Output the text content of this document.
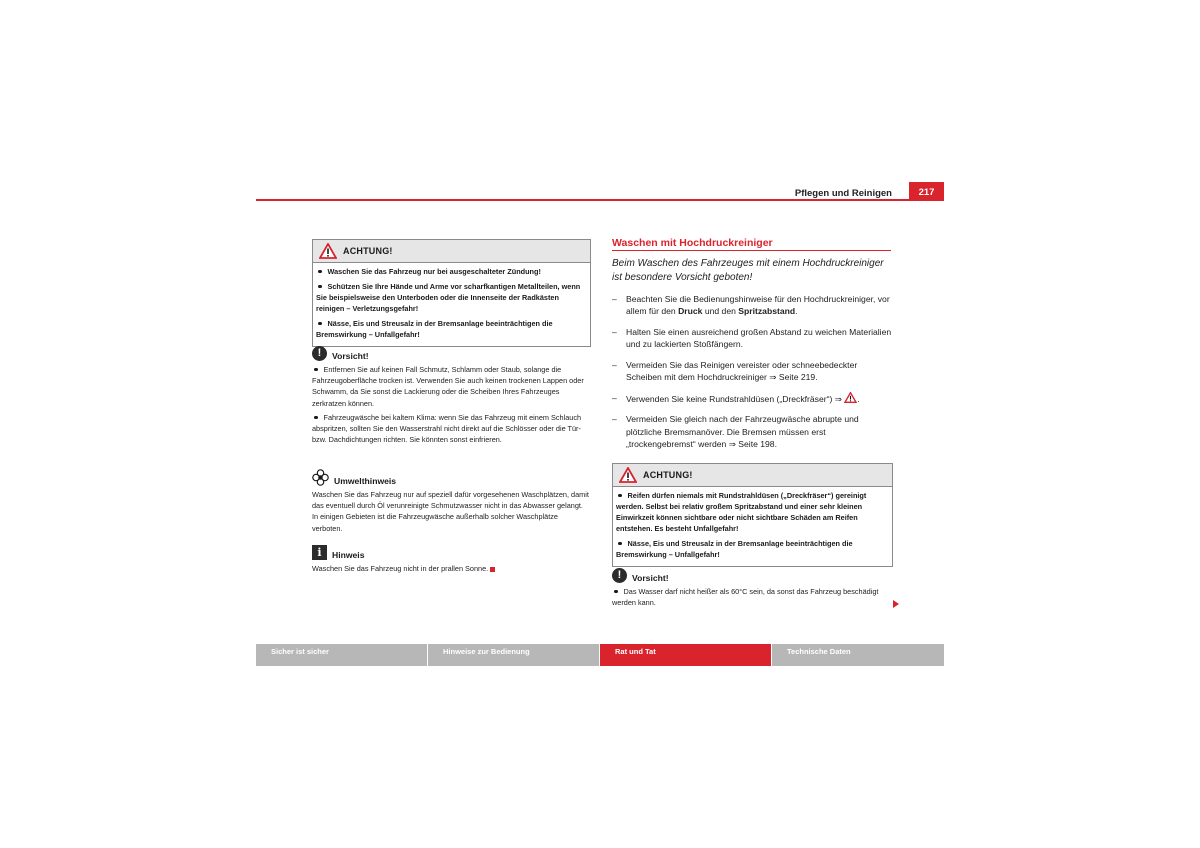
Pflegen und Reinigen	217
ACHTUNG!

Waschen Sie das Fahrzeug nur bei ausgeschalteter Zündung!

Schützen Sie Ihre Hände und Arme vor scharfkantigen Metallteilen, wenn Sie beispielsweise den Unterboden oder die Innenseite der Radkästen reinigen – Verletzungsgefahr!

Nässe, Eis und Streusalz in der Bremsanlage beeinträchtigen die Bremswirkung – Unfallgefahr!

!	Vorsicht!

Entfernen Sie auf keinen Fall Schmutz, Schlamm oder Staub, solange die Fahrzeugoberfläche trocken ist. Verwenden Sie auch keinen trockenen Lappen oder Schwamm, da Sie sonst die Lackierung oder die Scheiben Ihres Fahrzeuges zerkratzen können.

Fahrzeugwäsche bei kaltem Klima: wenn Sie das Fahrzeug mit einem Schlauch abspritzen, sollten Sie den Wasserstrahl nicht direkt auf die Schlösser oder die Tür- bzw. Dachdichtungen richten. Sie könnten sonst einfrieren.

Umwelthinweis
Waschen Sie das Fahrzeug nur auf speziell dafür vorgesehenen Waschplätzen, damit das eventuell durch Öl verunreinigte Schmutzwasser nicht in das Abwasser gelangt. In einigen Gebieten ist die Fahrzeugwäsche außerhalb solcher Waschplätze verboten.
i	Hinweis
Waschen Sie das Fahrzeug nicht in der prallen Sonne.
Waschen mit Hochdruckreiniger
Beim Waschen des Fahrzeuges mit einem Hochdruckreiniger ist besondere Vorsicht geboten!
– Beachten Sie die Bedienungshinweise für den Hochdruckreiniger, vor allem für den Druck und den Spritzabstand.
– Halten Sie einen ausreichend großen Abstand zu weichen Materialien und zu lackierten Stoßfängern.
– Vermeiden Sie das Reinigen vereister oder schneebedeckter Scheiben mit dem Hochdruckreiniger ⇒ Seite 219.
– Verwenden Sie keine Rundstrahldüsen („Dreckfräser“) ⇒ .
– Vermeiden Sie gleich nach der Fahrzeugwäsche abrupte und plötzliche Bremsmanöver. Die Bremsen müssen erst „trockengebremst“ werden ⇒ Seite 198.
ACHTUNG!

Reifen dürfen niemals mit Rundstrahldüsen („Dreckfräser“) gereinigt werden. Selbst bei relativ großem Spritzabstand und einer sehr kleinen Einwirkzeit können sichtbare oder nicht sichtbare Schäden am Reifen entstehen. Es besteht Unfallgefahr!

Nässe, Eis und Streusalz in der Bremsanlage beeinträchtigen die Bremswirkung – Unfallgefahr!

!	Vorsicht!

Das Wasser darf nicht heißer als 60°C sein, da sonst das Fahrzeug beschädigt werden kann.

Sicher ist sicher	Hinweise zur Bedienung	Rat und Tat	Technische Daten
